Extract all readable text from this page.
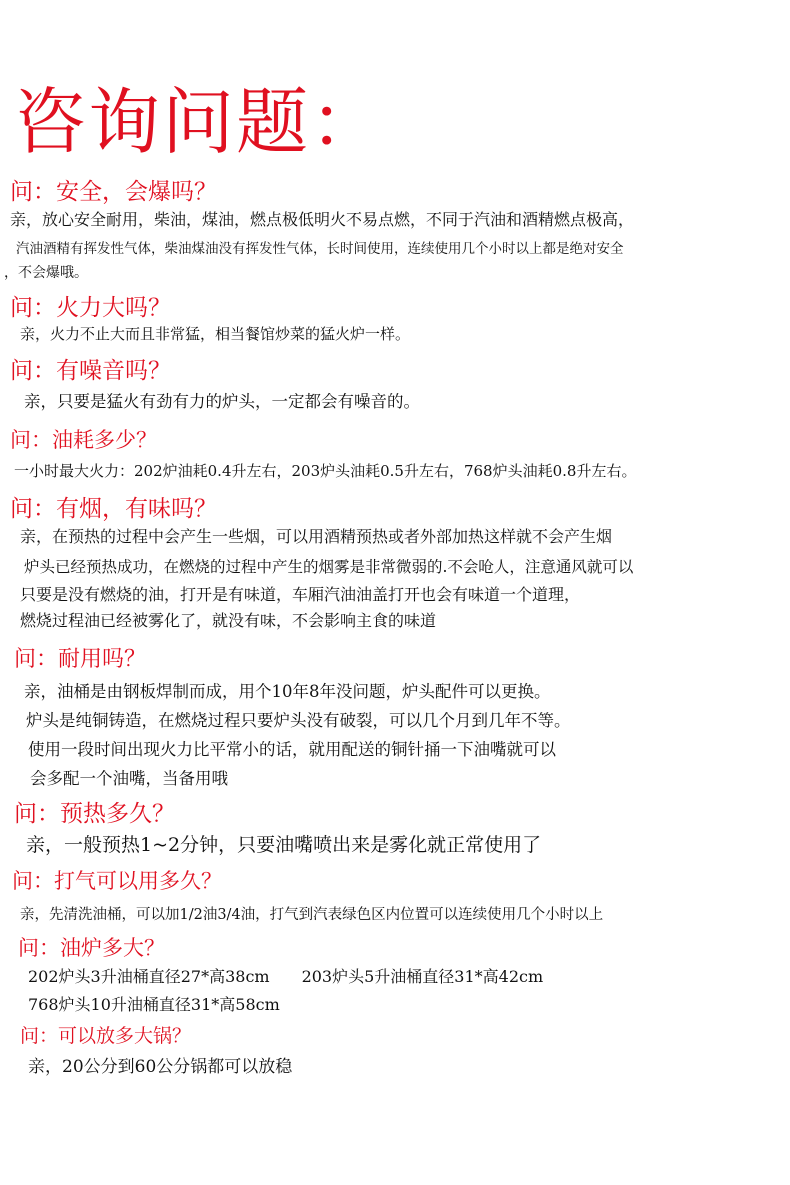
咨询问题：
问：安全，会爆吗？
亲，放心安全耐用，柴油，煤油，燃点极低明火不易点燃，不同于汽油和酒精燃点极高，
汽油酒精有挥发性气体，柴油煤油没有挥发性气体，长时间使用，连续使用几个小时以上都是绝对安全
，不会爆哦。
问：火力大吗？
亲，火力不止大而且非常猛，相当餐馆炒菜的猛火炉一样。
问：有噪音吗？
亲，只要是猛火有劲有力的炉头，一定都会有噪音的。
问：油耗多少？
一小时最大火力：202炉油耗0.4升左右，203炉头油耗0.5升左右，768炉头油耗0.8升左右。
问：有烟，有味吗？
亲，在预热的过程中会产生一些烟，可以用酒精预热或者外部加热这样就不会产生烟
炉头已经预热成功，在燃烧的过程中产生的烟雾是非常微弱的.不会呛人，注意通风就可以
只要是没有燃烧的油，打开是有味道，车厢汽油油盖打开也会有味道一个道理，
燃烧过程油已经被雾化了，就没有味，不会影响主食的味道
问：耐用吗？
亲，油桶是由钢板焊制而成，用个10年8年没问题，炉头配件可以更换。
炉头是纯铜铸造，在燃烧过程只要炉头没有破裂，可以几个月到几年不等。
使用一段时间出现火力比平常小的话，就用配送的铜针捅一下油嘴就可以
会多配一个油嘴，当备用哦
问：预热多久？
亲，一般预热1~2分钟，只要油嘴喷出来是雾化就正常使用了
问：打气可以用多久？
亲，先清洗油桶，可以加1/2油3/4油，打气到汽表绿色区内位置可以连续使用几个小时以上
问：油炉多大？
202炉头3升油桶直径27*高38cm　　203炉头5升油桶直径31*高42cm
768炉头10升油桶直径31*高58cm
问：可以放多大锅？
亲，20公分到60公分锅都可以放稳
